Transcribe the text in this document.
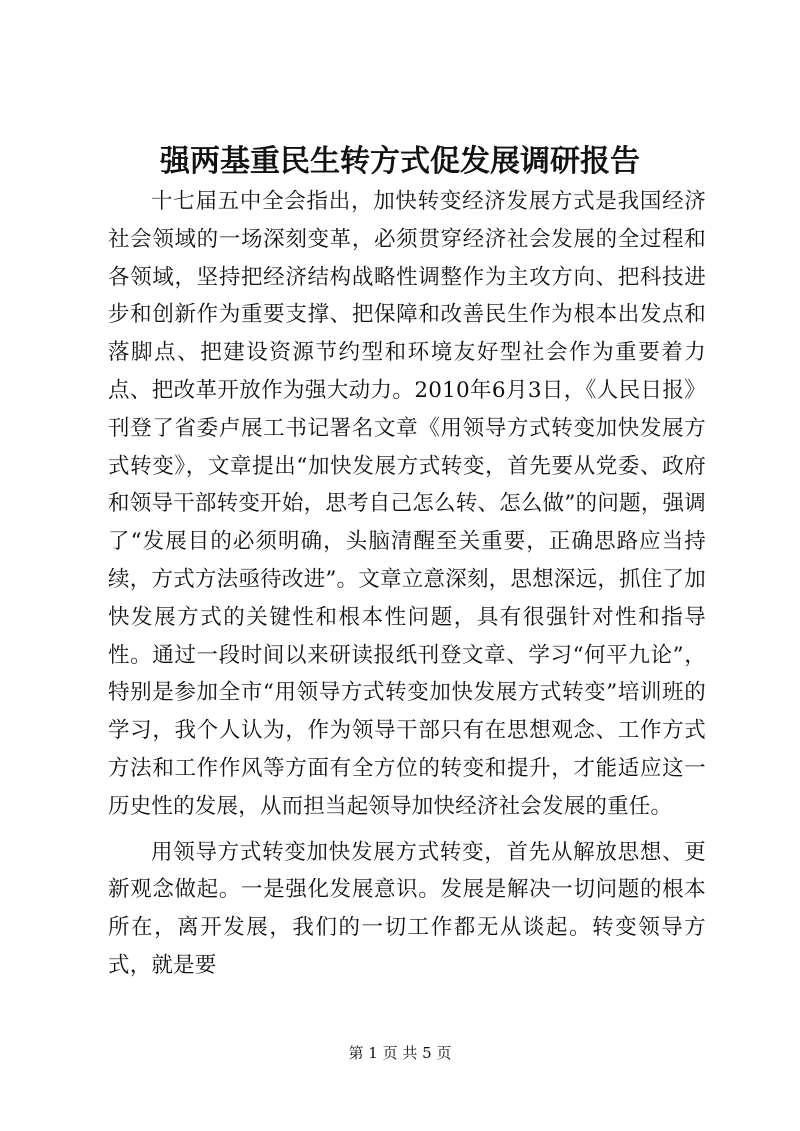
强两基重民生转方式促发展调研报告

十七届五中全会指出，加快转变经济发展方式是我国经济社会领域的一场深刻变革，必须贯穿经济社会发展的全过程和各领域，坚持把经济结构战略性调整作为主攻方向、把科技进步和创新作为重要支撑、把保障和改善民生作为根本出发点和落脚点、把建设资源节约型和环境友好型社会作为重要着力点、把改革开放作为强大动力。2010年6月3日，《人民日报》刊登了省委卢展工书记署名文章《用领导方式转变加快发展方式转变》，文章提出“加快发展方式转变，首先要从党委、政府和领导干部转变开始，思考自己怎么转、怎么做”的问题，强调了“发展目的必须明确，头脑清醒至关重要，正确思路应当持续，方式方法亟待改进”。文章立意深刻，思想深远，抓住了加快发展方式的关键性和根本性问题，具有很强针对性和指导性。通过一段时间以来研读报纸刊登文章、学习“何平九论”，特别是参加全市“用领导方式转变加快发展方式转变”培训班的学习，我个人认为，作为领导干部只有在思想观念、工作方式方法和工作作风等方面有全方位的转变和提升，才能适应这一历史性的发展，从而担当起领导加快经济社会发展的重任。

用领导方式转变加快发展方式转变，首先从解放思想、更新观念做起。一是强化发展意识。发展是解决一切问题的根本所在，离开发展，我们的一切工作都无从谈起。转变领导方式，就是要

第 1 页 共 5 页
